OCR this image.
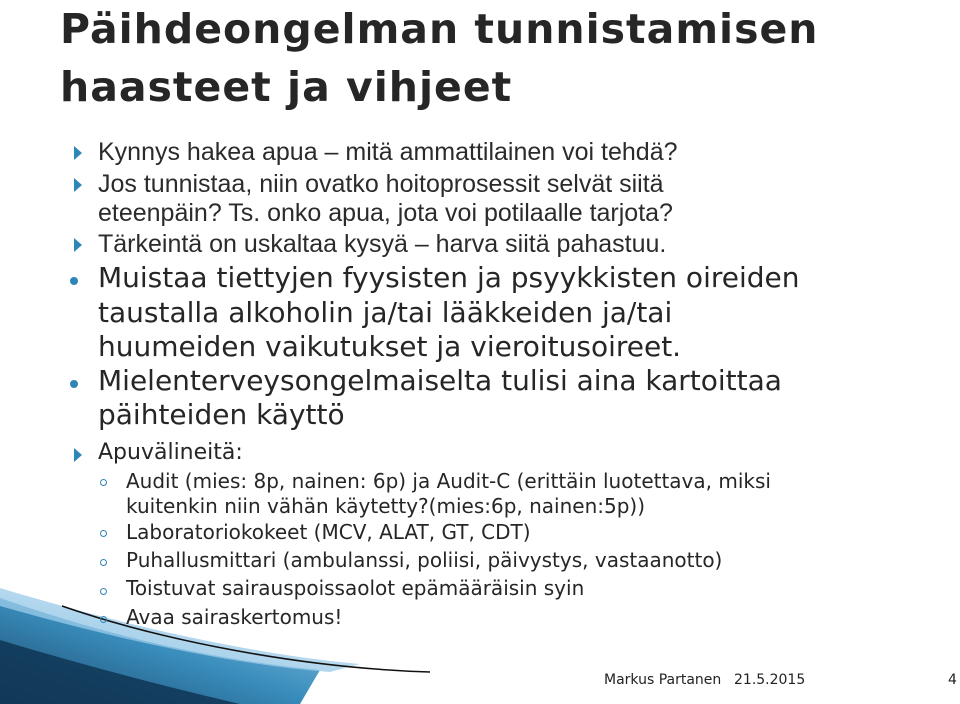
Päihdeongelman tunnistamisen
haasteet ja vihjeet
Kynnys hakea apua – mitä ammattilainen voi tehdä?
Jos tunnistaa, niin ovatko hoitoprosessit selvät siitä
eteenpäin? Ts. onko apua, jota voi potilaalle tarjota?
Tärkeintä on uskaltaa kysyä – harva siitä pahastuu.
Muistaa tiettyjen fyysisten ja psyykkisten oireiden
taustalla alkoholin ja/tai lääkkeiden ja/tai
huumeiden vaikutukset ja vieroitusoireet.
Mielenterveysongelmaiselta tulisi aina kartoittaa
päihteiden käyttö
Apuvälineitä:
Audit (mies: 8p, nainen: 6p) ja Audit-C (erittäin luotettava, miksi
kuitenkin niin vähän käytetty?(mies:6p, nainen:5p))
Laboratoriokokeet (MCV, ALAT, GT, CDT)
Puhallusmittari (ambulanssi, poliisi, päivystys, vastaanotto)
Toistuvat sairauspoissaolot epämääräisin syin
Avaa sairaskertomus!
Markus Partanen 21.5.2015	4
